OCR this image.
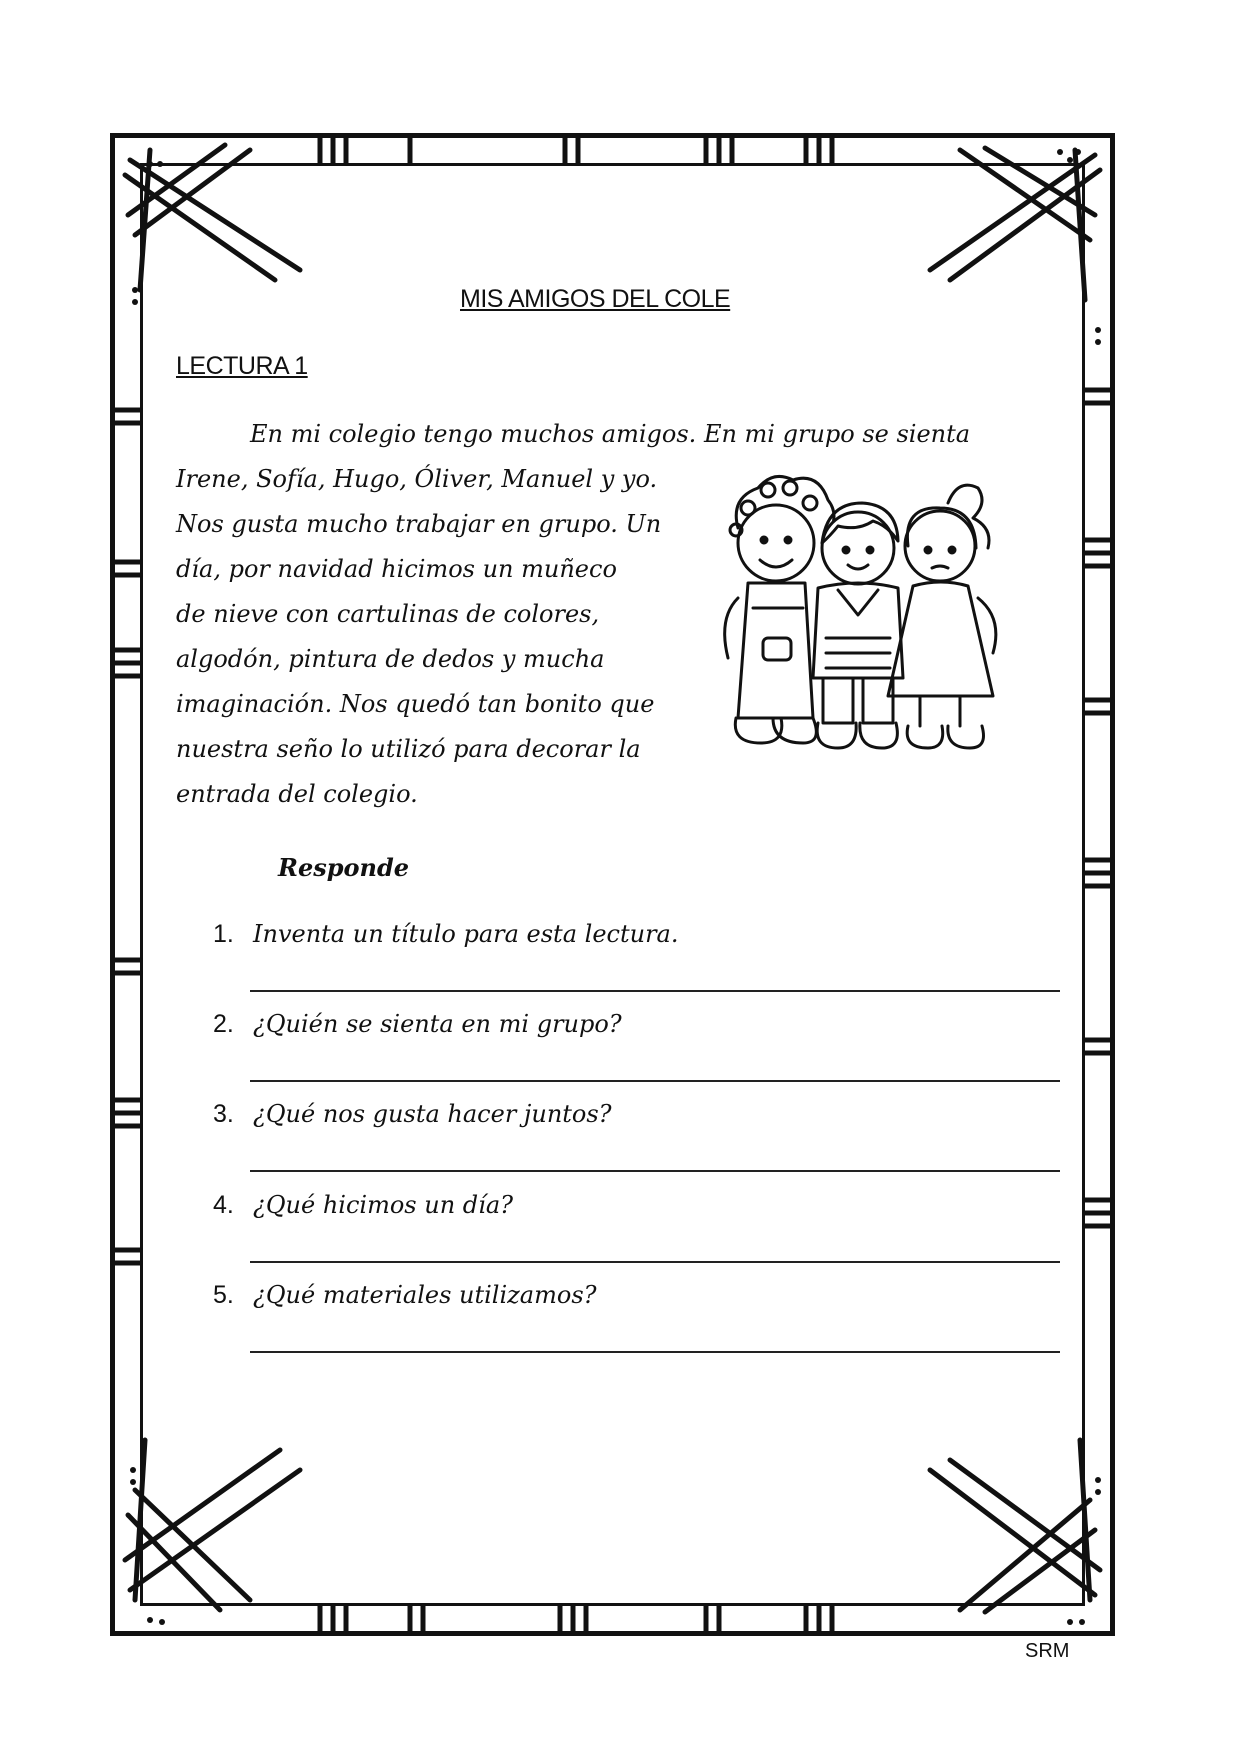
MIS AMIGOS DEL COLE
LECTURA 1
En mi colegio tengo muchos amigos. En mi grupo se sienta
Irene, Sofía, Hugo, Óliver, Manuel y yo.
Nos gusta mucho trabajar en grupo. Un
día, por navidad hicimos un muñeco
de nieve con cartulinas de colores,
algodón, pintura de dedos y mucha
imaginación. Nos quedó tan bonito que
nuestra seño lo utilizó para decorar la
entrada del colegio.
Responde
1. Inventa un título para esta lectura.
2. ¿Quién se sienta en mi grupo?
3. ¿Qué nos gusta hacer juntos?
4. ¿Qué hicimos un día?
5. ¿Qué materiales utilizamos?
SRM
